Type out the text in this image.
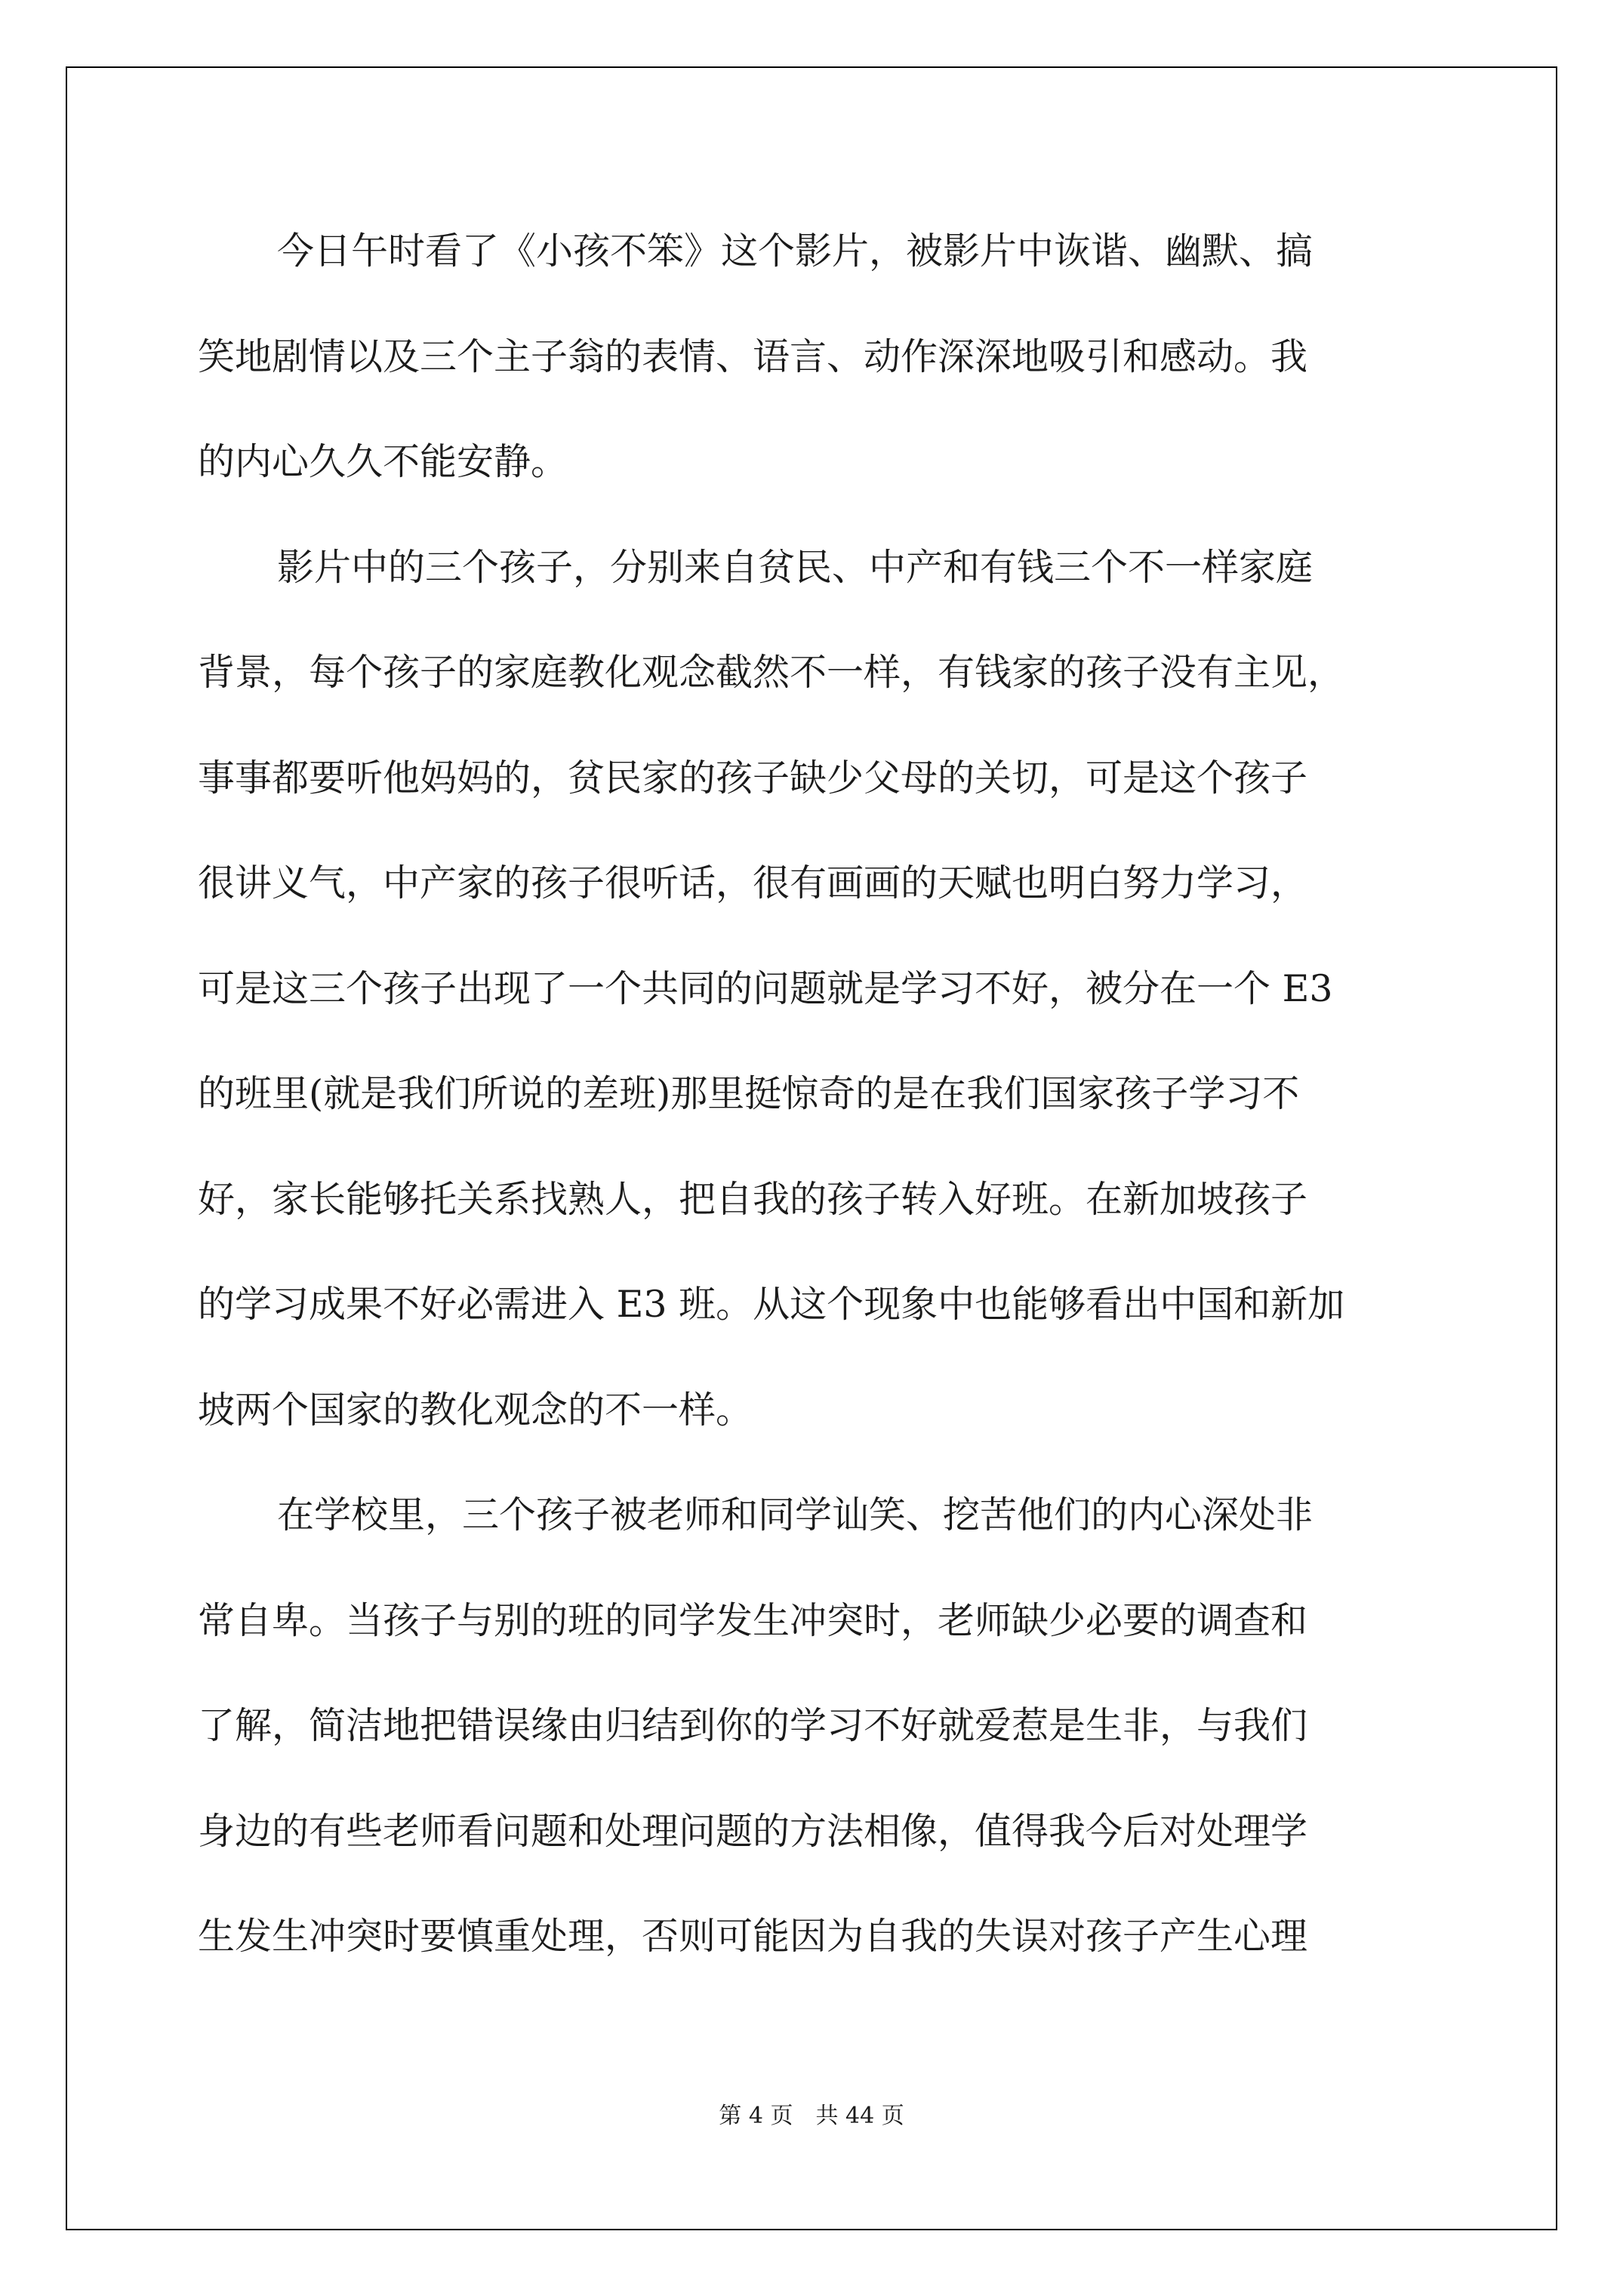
今日午时看了《小孩不笨》这个影片，被影片中诙谐、幽默、搞
笑地剧情以及三个主子翁的表情、语言、动作深深地吸引和感动。我
的内心久久不能安静。
影片中的三个孩子，分别来自贫民、中产和有钱三个不一样家庭
背景，每个孩子的家庭教化观念截然不一样，有钱家的孩子没有主见，
事事都要听他妈妈的，贫民家的孩子缺少父母的关切，可是这个孩子
很讲义气，中产家的孩子很听话，很有画画的天赋也明白努力学习，
可是这三个孩子出现了一个共同的问题就是学习不好，被分在一个 E3
的班里(就是我们所说的差班)那里挺惊奇的是在我们国家孩子学习不
好，家长能够托关系找熟人，把自我的孩子转入好班。在新加坡孩子
的学习成果不好必需进入 E3 班。从这个现象中也能够看出中国和新加
坡两个国家的教化观念的不一样。
在学校里，三个孩子被老师和同学讪笑、挖苦他们的内心深处非
常自卑。当孩子与别的班的同学发生冲突时，老师缺少必要的调查和
了解，简洁地把错误缘由归结到你的学习不好就爱惹是生非，与我们
身边的有些老师看问题和处理问题的方法相像，值得我今后对处理学
生发生冲突时要慎重处理，否则可能因为自我的失误对孩子产生心理
第 4 页　共 44 页
